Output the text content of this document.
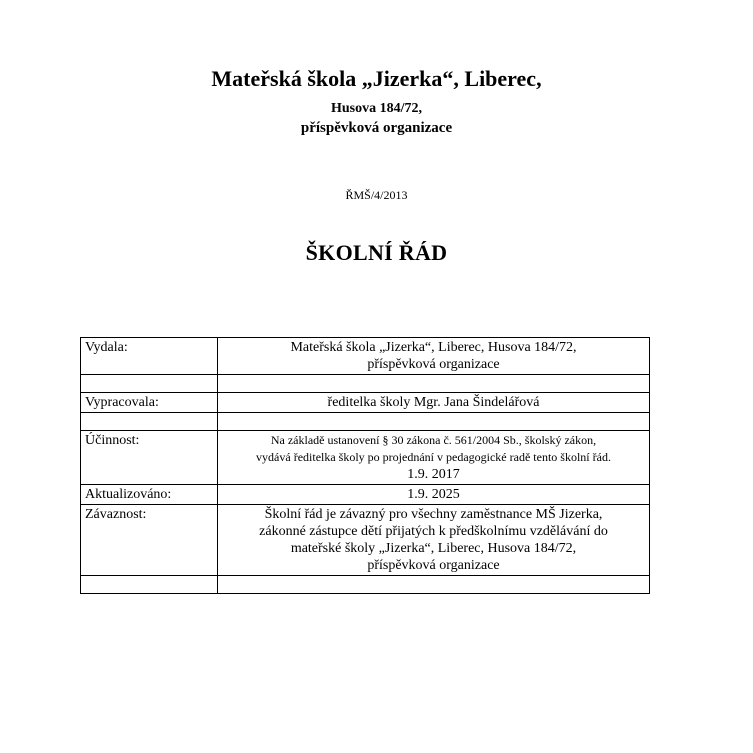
Mateřská škola „Jizerka“, Liberec,
Husova 184/72,
příspěvková organizace
ŘMŠ/4/2013
ŠKOLNÍ ŘÁD
Vydala:	Mateřská škola „Jizerka“, Liberec, Husova 184/72,
příspěvková organizace

Vypracovala:	ředitelka školy Mgr. Jana Šindelářová

Účinnost:	Na základě ustanovení § 30 zákona č. 561/2004 Sb., školský zákon,
vydává ředitelka školy po projednání v pedagogické radě tento školní řád.
1.9. 2017

Aktualizováno:	1.9. 2025

Závaznost:	Školní řád je závazný pro všechny zaměstnance MŠ Jizerka,
zákonné zástupce dětí přijatých k předškolnímu vzdělávání do
mateřské školy „Jizerka“, Liberec, Husova 184/72,
příspěvková organizace
